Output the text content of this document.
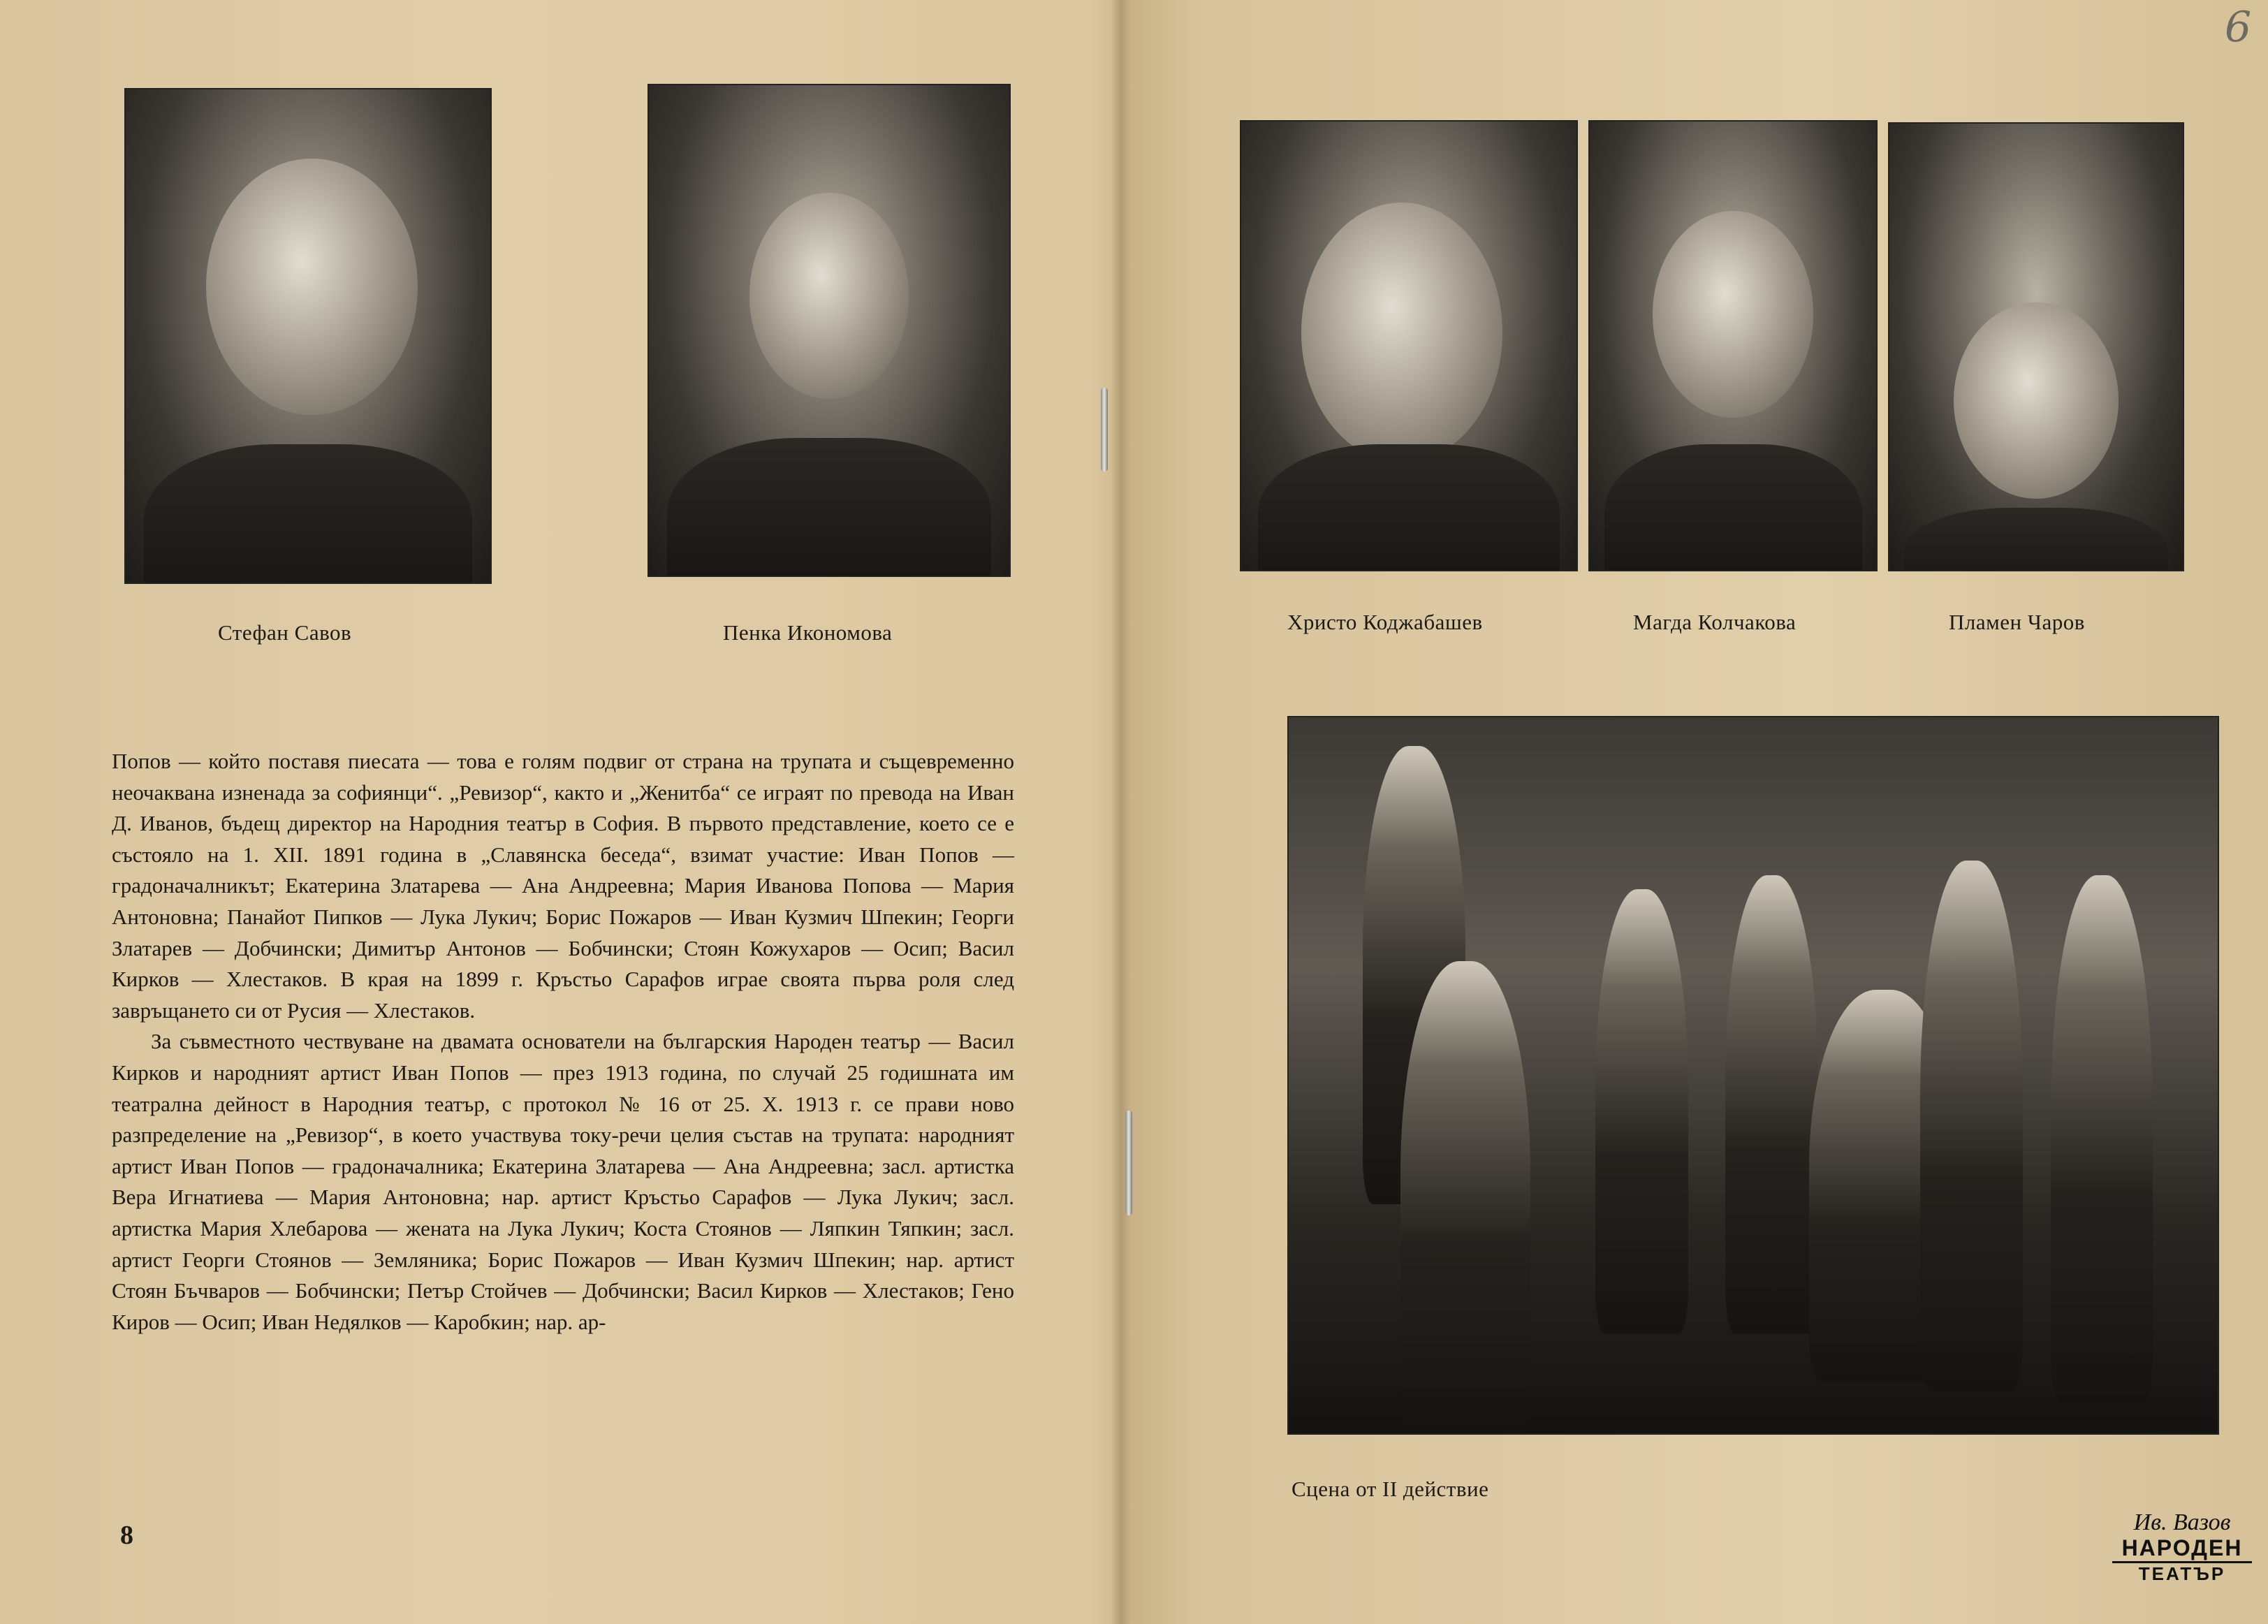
Стефан Савов	Пенка Икономова

Попов — който поставя пиесата — това е голям подвиг от страна на трупата и същевременно неочаквана изненада за софиянци“. „Ревизор“, както и „Женитба“ се играят по превода на Иван Д. Иванов, бъдещ директор на Народния театър в София. В първото представление, което се е състояло на 1. XII. 1891 година в „Славянска беседа“, взимат участие: Иван Попов — градоначалникът; Екатерина Златарева — Ана Андреевна; Мария Иванова Попова — Мария Антоновна; Панайот Пипков — Лука Лукич; Борис Пожаров — Иван Кузмич Шпекин; Георги Златарев — Добчински; Димитър Антонов — Бобчински; Стоян Кожухаров — Осип; Васил Кирков — Хлестаков. В края на 1899 г. Кръстьо Сарафов играе своята първа роля след завръщането си от Русия — Хлестаков.

За съвместното чествуване на двамата основатели на българския Народен театър — Васил Кирков и народният артист Иван Попов — през 1913 година, по случай 25 годишната им театрална дейност в Народния театър, с протокол № 16 от 25. X. 1913 г. се прави ново разпределение на „Ревизор“, в което участвува току-речи целия състав на трупата: народният артист Иван Попов — градоначалника; Екатерина Златарева — Ана Андреевна; засл. артистка Вера Игнатиева — Мария Антоновна; нар. артист Кръстьо Сарафов — Лука Лукич; засл. артистка Мария Хлебарова — жената на Лука Лукич; Коста Стоянов — Ляпкин Тяпкин; засл. артист Георги Стоянов — Земляника; Борис Пожаров — Иван Кузмич Шпекин; нар. артист Стоян Бъчваров — Бобчински; Петър Стойчев — Добчински; Васил Кирков — Хлестаков; Гено Киров — Осип; Иван Недялков — Каробкин; нар. ар-

8
6
Христо Коджабашев	Магда Колчакова	Пламен Чаров
Сцена от II действие
Ив. Вазов
НАРОДЕН
ТЕАТЪР
